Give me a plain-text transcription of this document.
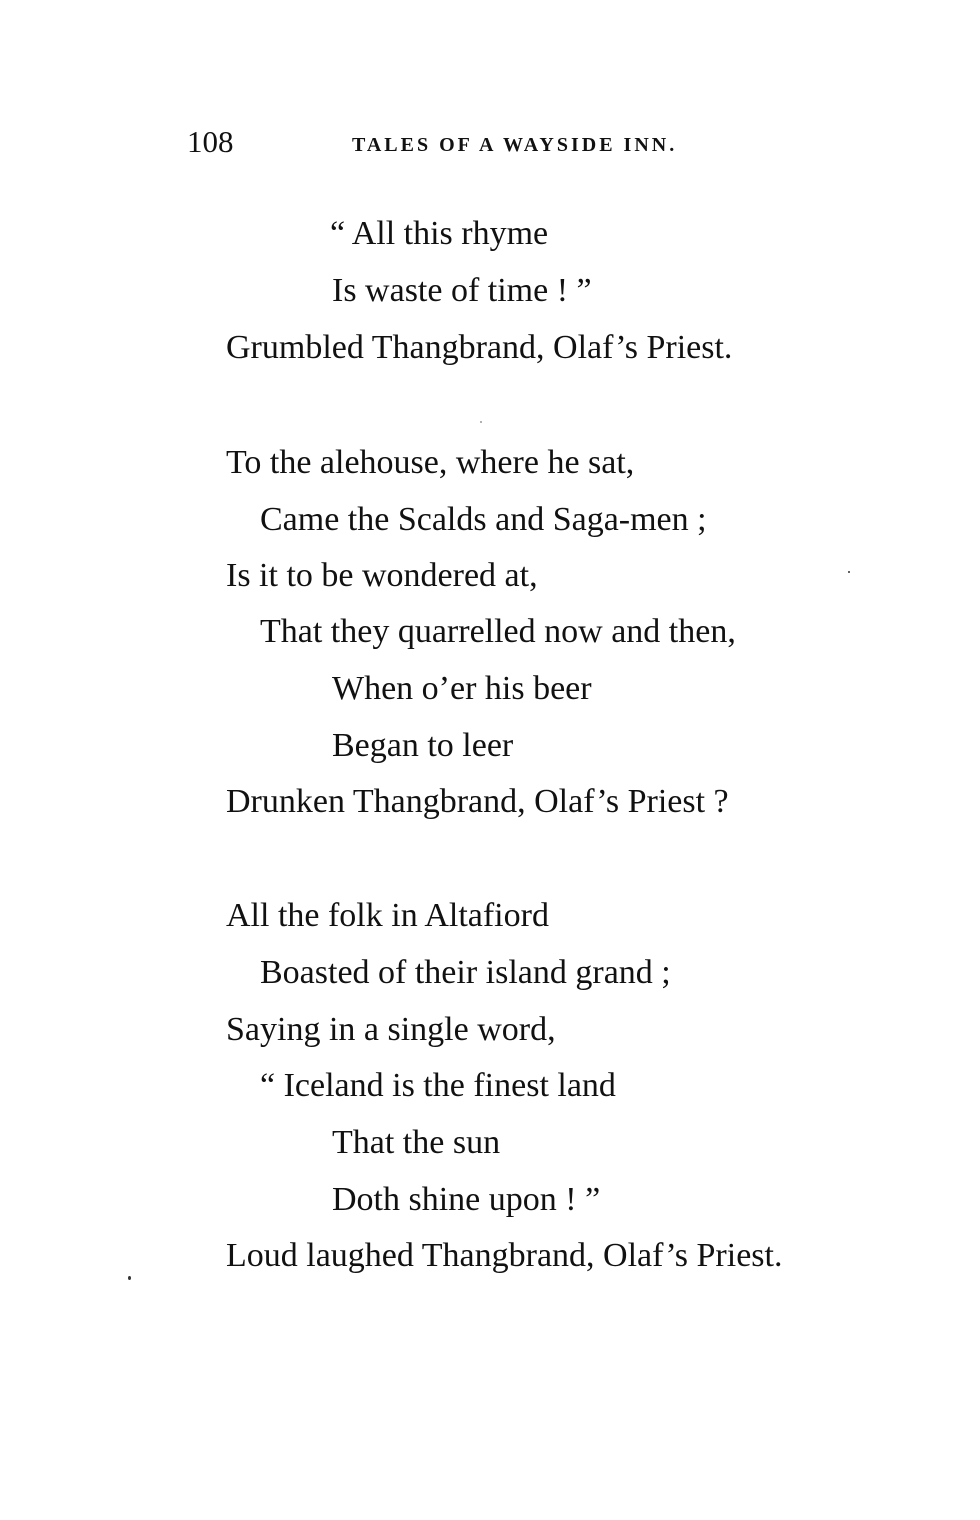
108	TALES OF A WAYSIDE INN.
“ All this rhyme
Is waste of time ! ”
Grumbled Thangbrand, Olaf’s Priest.
To the alehouse, where he sat,
Came the Scalds and Saga-men ;
Is it to be wondered at,
That they quarrelled now and then,
When o’er his beer
Began to leer
Drunken Thangbrand, Olaf’s Priest ?
All the folk in Altafiord
Boasted of their island grand ;
Saying in a single word,
“ Iceland is the finest land
That the sun
Doth shine upon ! ”
Loud laughed Thangbrand, Olaf’s Priest.
